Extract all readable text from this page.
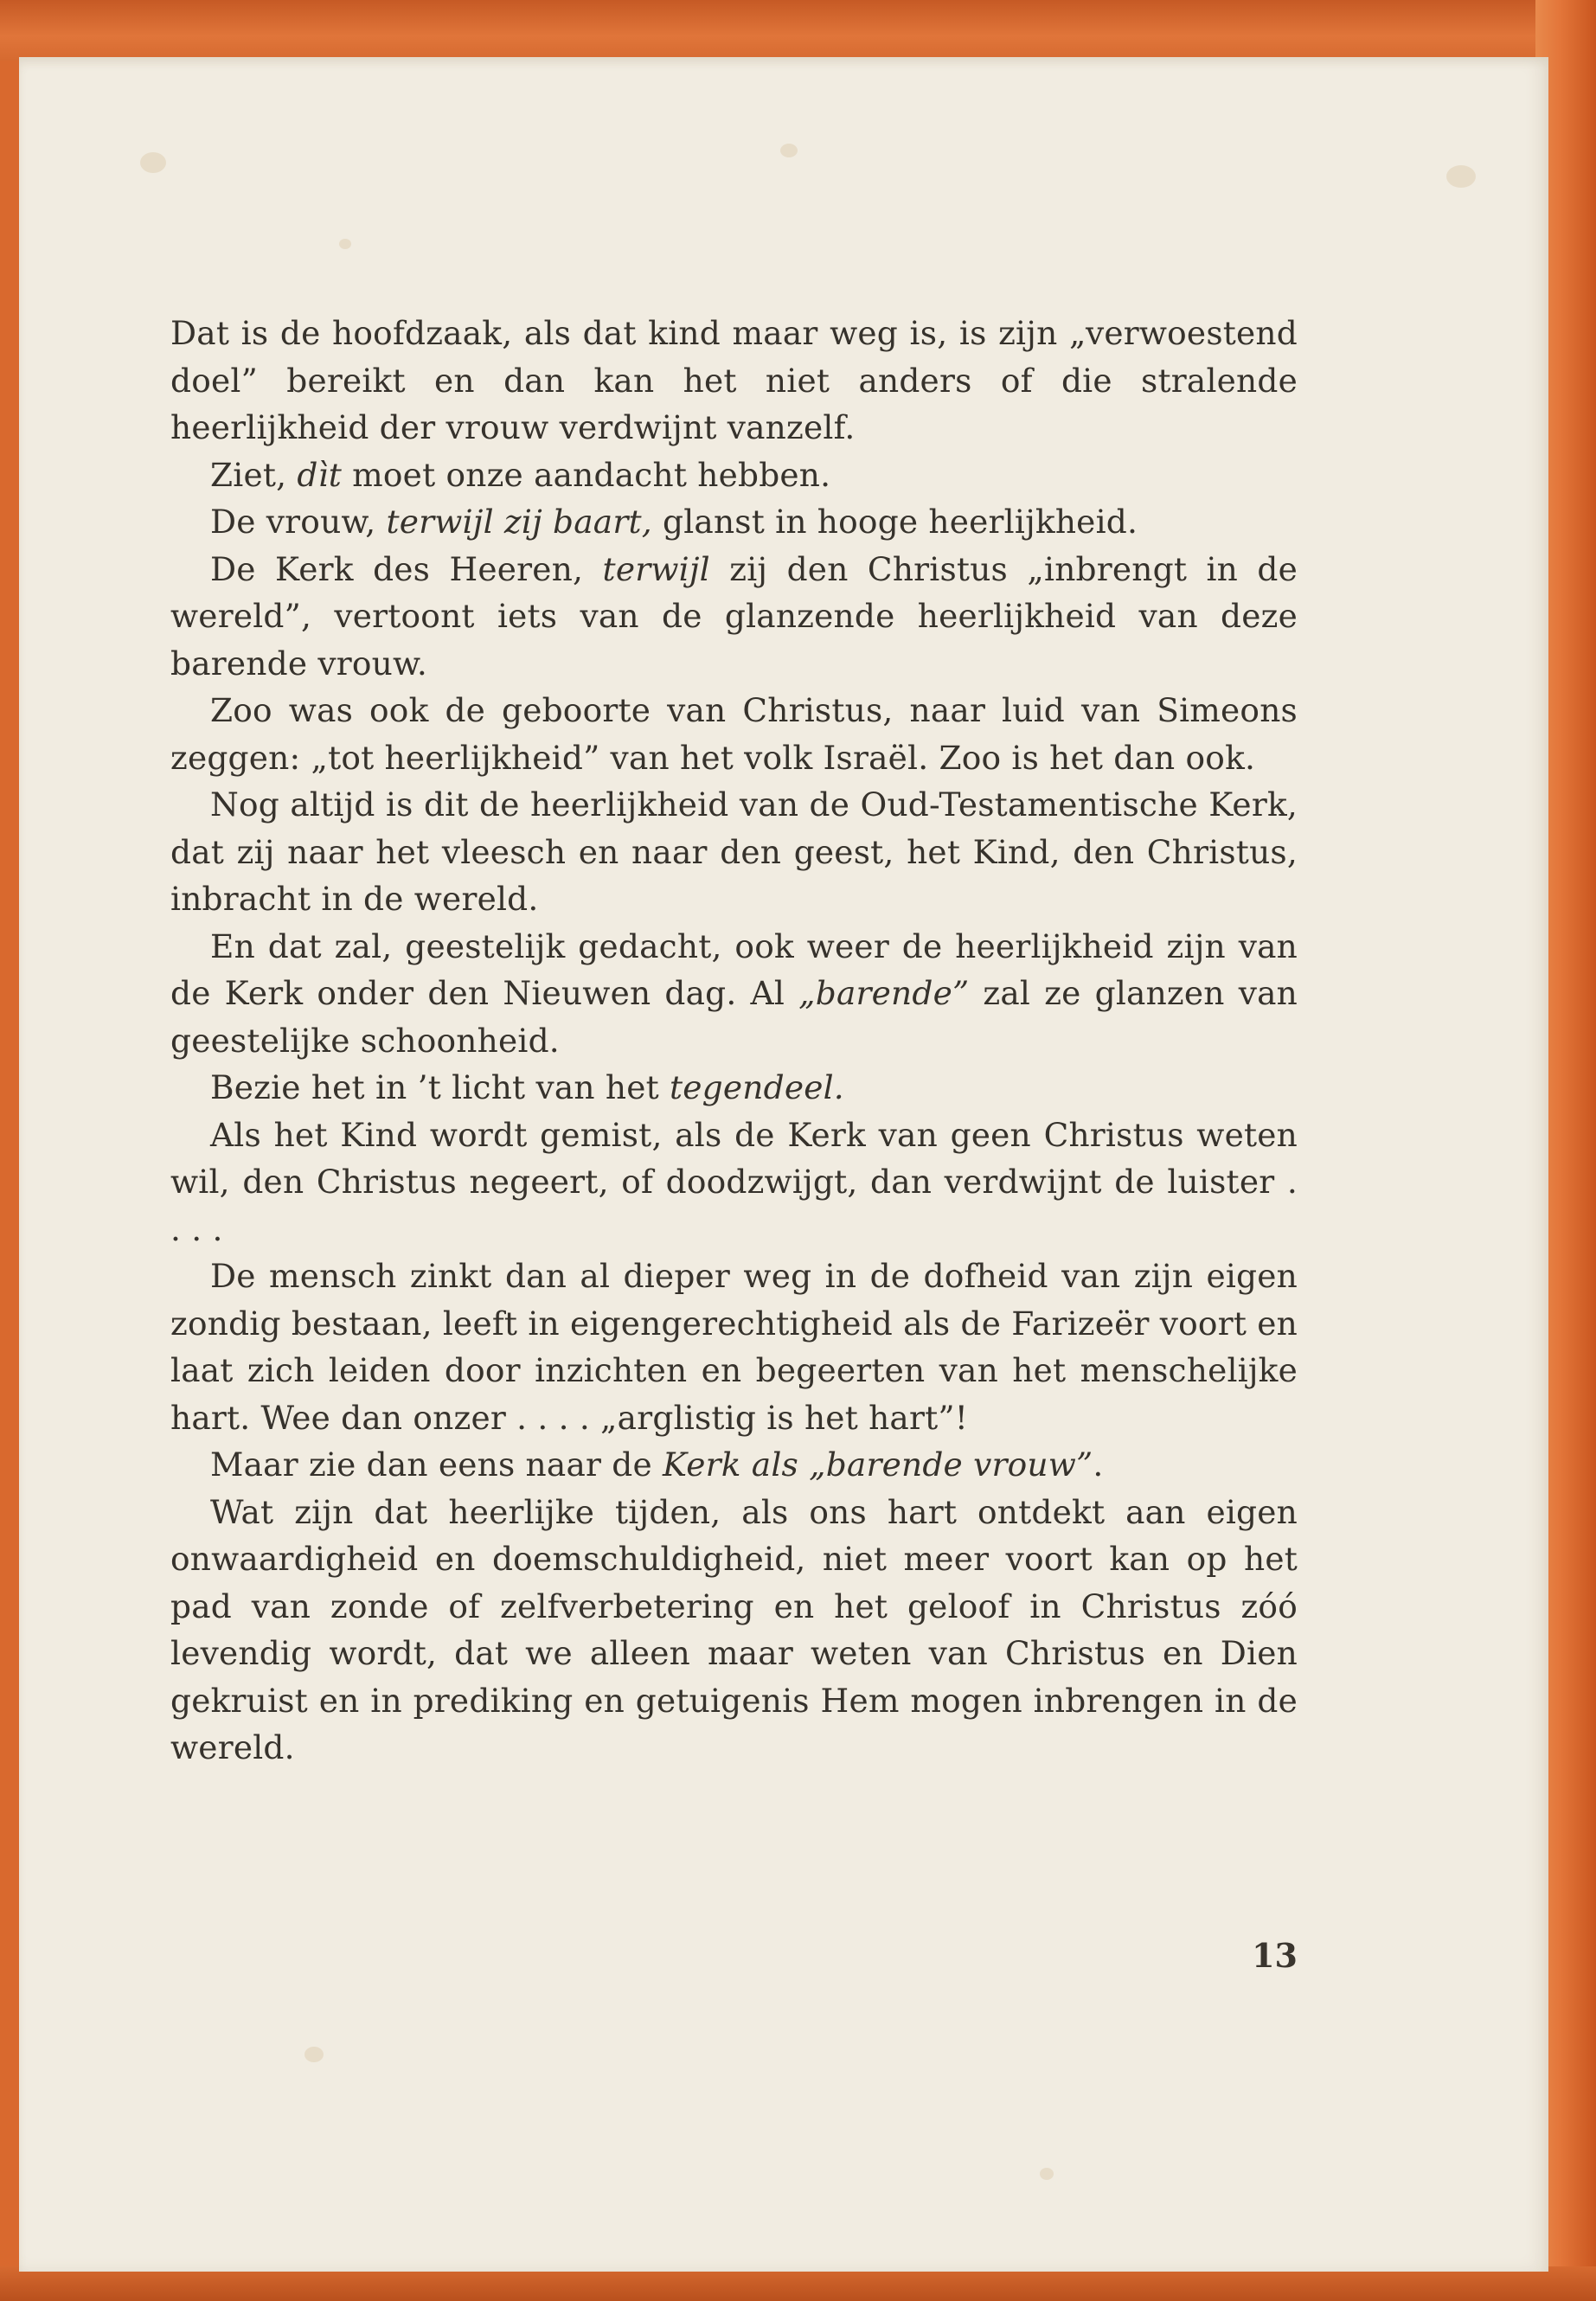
Dat is de hoofdzaak, als dat kind maar weg is, is zijn „verwoestend doel” bereikt en dan kan het niet anders of die stralende heerlijkheid der vrouw verdwijnt vanzelf.

Ziet, dìt moet onze aandacht hebben.

De vrouw, terwijl zij baart, glanst in hooge heerlijkheid.

De Kerk des Heeren, terwijl zij den Christus „inbrengt in de wereld”, vertoont iets van de glanzende heerlijkheid van deze barende vrouw.

Zoo was ook de geboorte van Christus, naar luid van Simeons zeggen: „tot heerlijkheid” van het volk Israël. Zoo is het dan ook.

Nog altijd is dit de heerlijkheid van de Oud-Testamentische Kerk, dat zij naar het vleesch en naar den geest, het Kind, den Christus, inbracht in de wereld.

En dat zal, geestelijk gedacht, ook weer de heerlijkheid zijn van de Kerk onder den Nieuwen dag. Al „barende” zal ze glanzen van geestelijke schoonheid.

Bezie het in ’t licht van het tegendeel.

Als het Kind wordt gemist, als de Kerk van geen Christus weten wil, den Christus negeert, of doodzwijgt, dan verdwijnt de luister . . . .

De mensch zinkt dan al dieper weg in de dofheid van zijn eigen zondig bestaan, leeft in eigengerechtigheid als de Farizeër voort en laat zich leiden door inzichten en begeerten van het menschelijke hart. Wee dan onzer . . . . „arglistig is het hart”!

Maar zie dan eens naar de Kerk als „barende vrouw”.

Wat zijn dat heerlijke tijden, als ons hart ontdekt aan eigen onwaardigheid en doemschuldigheid, niet meer voort kan op het pad van zonde of zelfverbetering en het geloof in Christus zóó levendig wordt, dat we alleen maar weten van Christus en Dien gekruist en in prediking en getuigenis Hem mogen inbrengen in de wereld.

13
